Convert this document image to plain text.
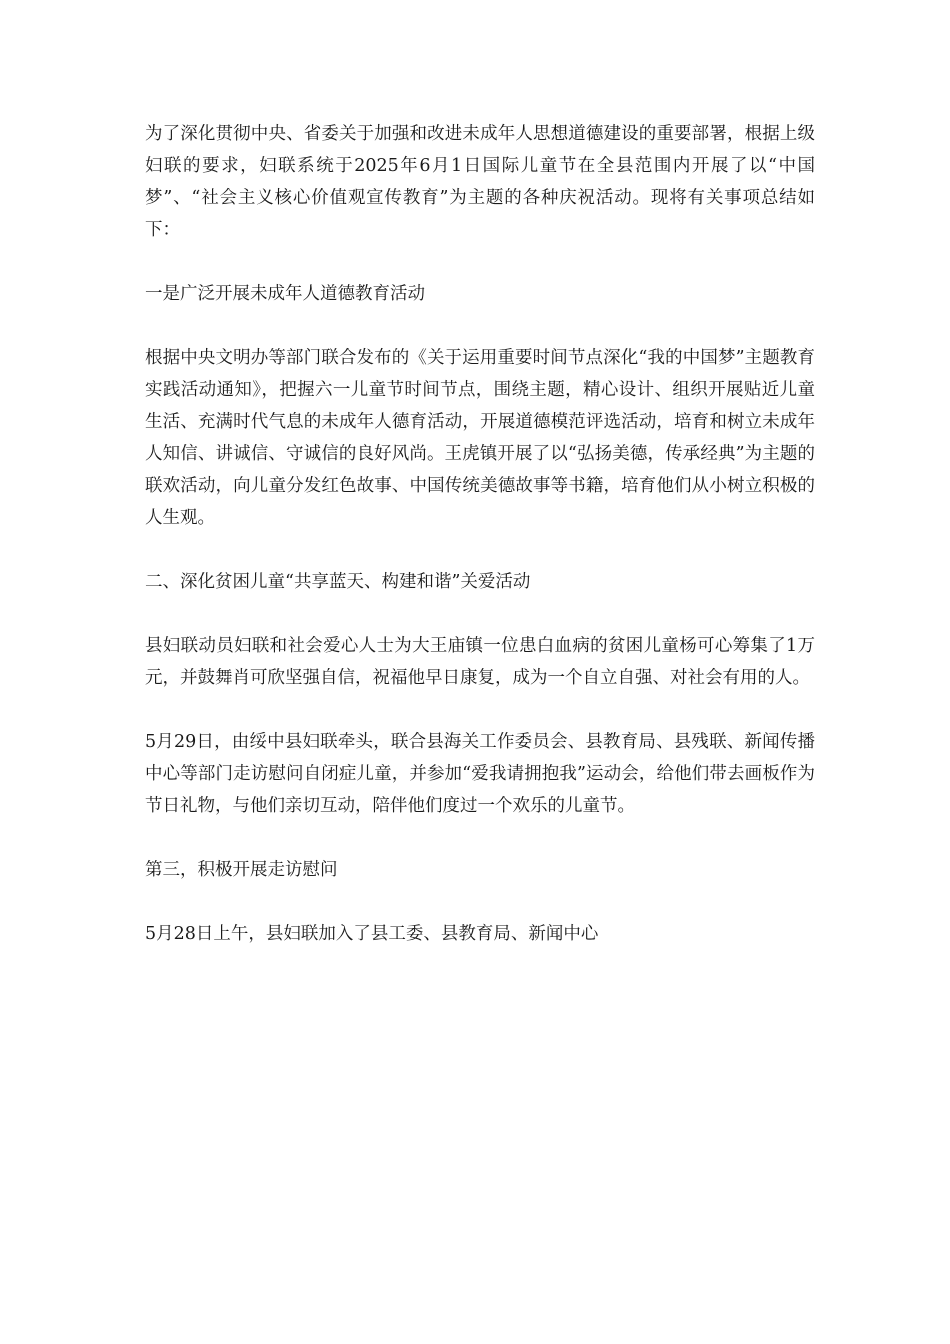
为了深化贯彻中央、省委关于加强和改进未成年人思想道德建设的重要部署，根据上级妇联的要求，妇联系统于2025年6月1日国际儿童节在全县范围内开展了以“中国梦”、“社会主义核心价值观宣传教育”为主题的各种庆祝活动。现将有关事项总结如下：

一是广泛开展未成年人道德教育活动

根据中央文明办等部门联合发布的《关于运用重要时间节点深化“我的中国梦”主题教育实践活动通知》，把握六一儿童节时间节点，围绕主题，精心设计、组织开展贴近儿童生活、充满时代气息的未成年人德育活动，开展道德模范评选活动，培育和树立未成年人知信、讲诚信、守诚信的良好风尚。王虎镇开展了以“弘扬美德，传承经典”为主题的联欢活动，向儿童分发红色故事、中国传统美德故事等书籍，培育他们从小树立积极的人生观。

二、深化贫困儿童“共享蓝天、构建和谐”关爱活动

县妇联动员妇联和社会爱心人士为大王庙镇一位患白血病的贫困儿童杨可心筹集了1万元，并鼓舞肖可欣坚强自信，祝福他早日康复，成为一个自立自强、对社会有用的人。

5月29日，由绥中县妇联牵头，联合县海关工作委员会、县教育局、县残联、新闻传播中心等部门走访慰问自闭症儿童，并参加“爱我请拥抱我”运动会，给他们带去画板作为节日礼物，与他们亲切互动，陪伴他们度过一个欢乐的儿童节。

第三，积极开展走访慰问

5月28日上午，县妇联加入了县工委、县教育局、新闻中心
